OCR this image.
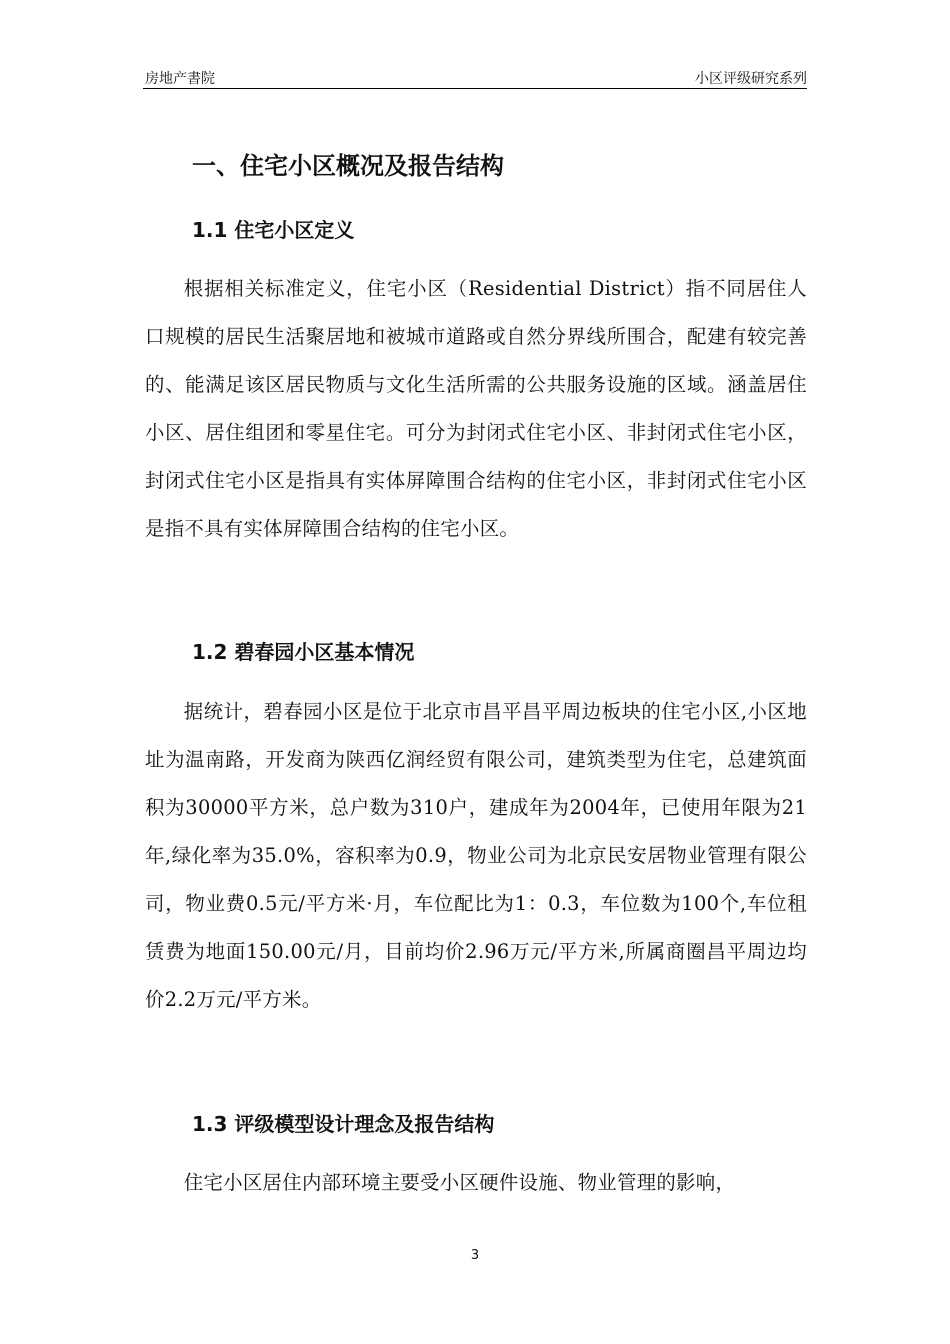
房地产書院	小区评级研究系列
一、住宅小区概况及报告结构
1.1 住宅小区定义

根据相关标准定义，住宅小区（Residential District）指不同居住人口规模的居民生活聚居地和被城市道路或自然分界线所围合，配建有较完善的、能满足该区居民物质与文化生活所需的公共服务设施的区域。涵盖居住小区、居住组团和零星住宅。可分为封闭式住宅小区、非封闭式住宅小区，封闭式住宅小区是指具有实体屏障围合结构的住宅小区，非封闭式住宅小区是指不具有实体屏障围合结构的住宅小区。

1.2 碧春园小区基本情况

据统计，碧春园小区是位于北京市昌平昌平周边板块的住宅小区,小区地址为温南路，开发商为陕西亿润经贸有限公司，建筑类型为住宅，总建筑面积为30000平方米，总户数为310户，建成年为2004年，已使用年限为21年,绿化率为35.0%，容积率为0.9，物业公司为北京民安居物业管理有限公司，物业费0.5元/平方米·月，车位配比为1：0.3，车位数为100个,车位租赁费为地面150.00元/月，目前均价2.96万元/平方米,所属商圈昌平周边均价2.2万元/平方米。

1.3 评级模型设计理念及报告结构

住宅小区居住内部环境主要受小区硬件设施、物业管理的影响，

3
